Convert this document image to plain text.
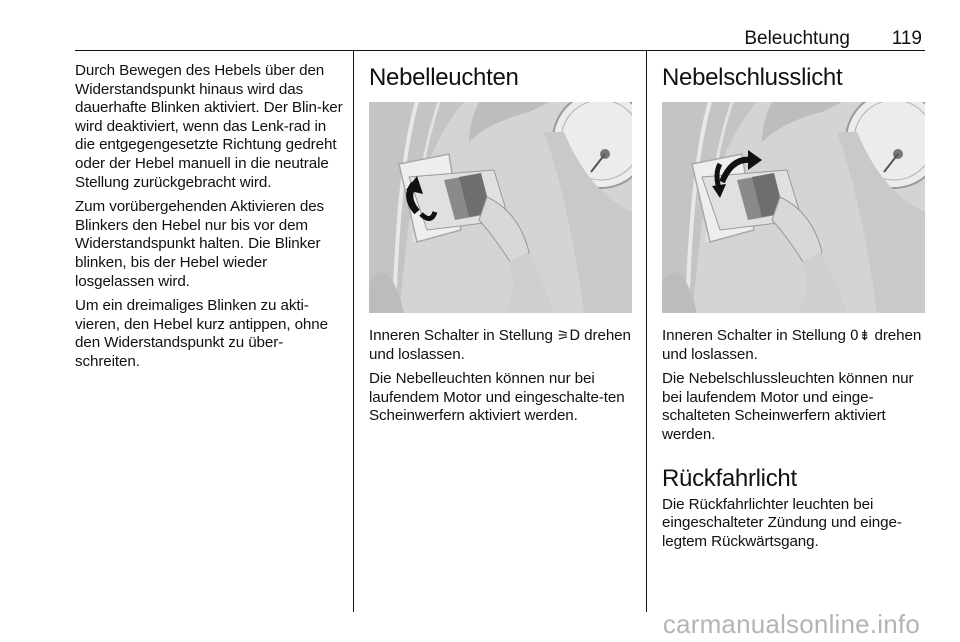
Beleuchtung 119

Durch Bewegen des Hebels über den Widerstandspunkt hinaus wird das dauerhafte Blinken aktiviert. Der Blin-ker wird deaktiviert, wenn das Lenk-rad in die entgegengesetzte Richtung gedreht oder der Hebel manuell in die neutrale Stellung zurückgebracht wird.

Zum vorübergehenden Aktivieren des Blinkers den Hebel nur bis vor dem Widerstandspunkt halten. Die Blinker blinken, bis der Hebel wieder losgelassen wird.

Um ein dreimaliges Blinken zu akti-vieren, den Hebel kurz antippen, ohne den Widerstandspunkt zu über-schreiten.

Nebelleuchten

Inneren Schalter in Stellung ⚞D drehen und loslassen.

Die Nebelleuchten können nur bei laufendem Motor und eingeschalte-ten Scheinwerfern aktiviert werden.

Nebelschlusslicht

Inneren Schalter in Stellung 0⇟ drehen und loslassen.

Die Nebelschlussleuchten können nur bei laufendem Motor und einge-schalteten Scheinwerfern aktiviert werden.

Rückfahrlicht

Die Rückfahrlichter leuchten bei eingeschalteter Zündung und einge-legtem Rückwärtsgang.

carmanualsonline.info
